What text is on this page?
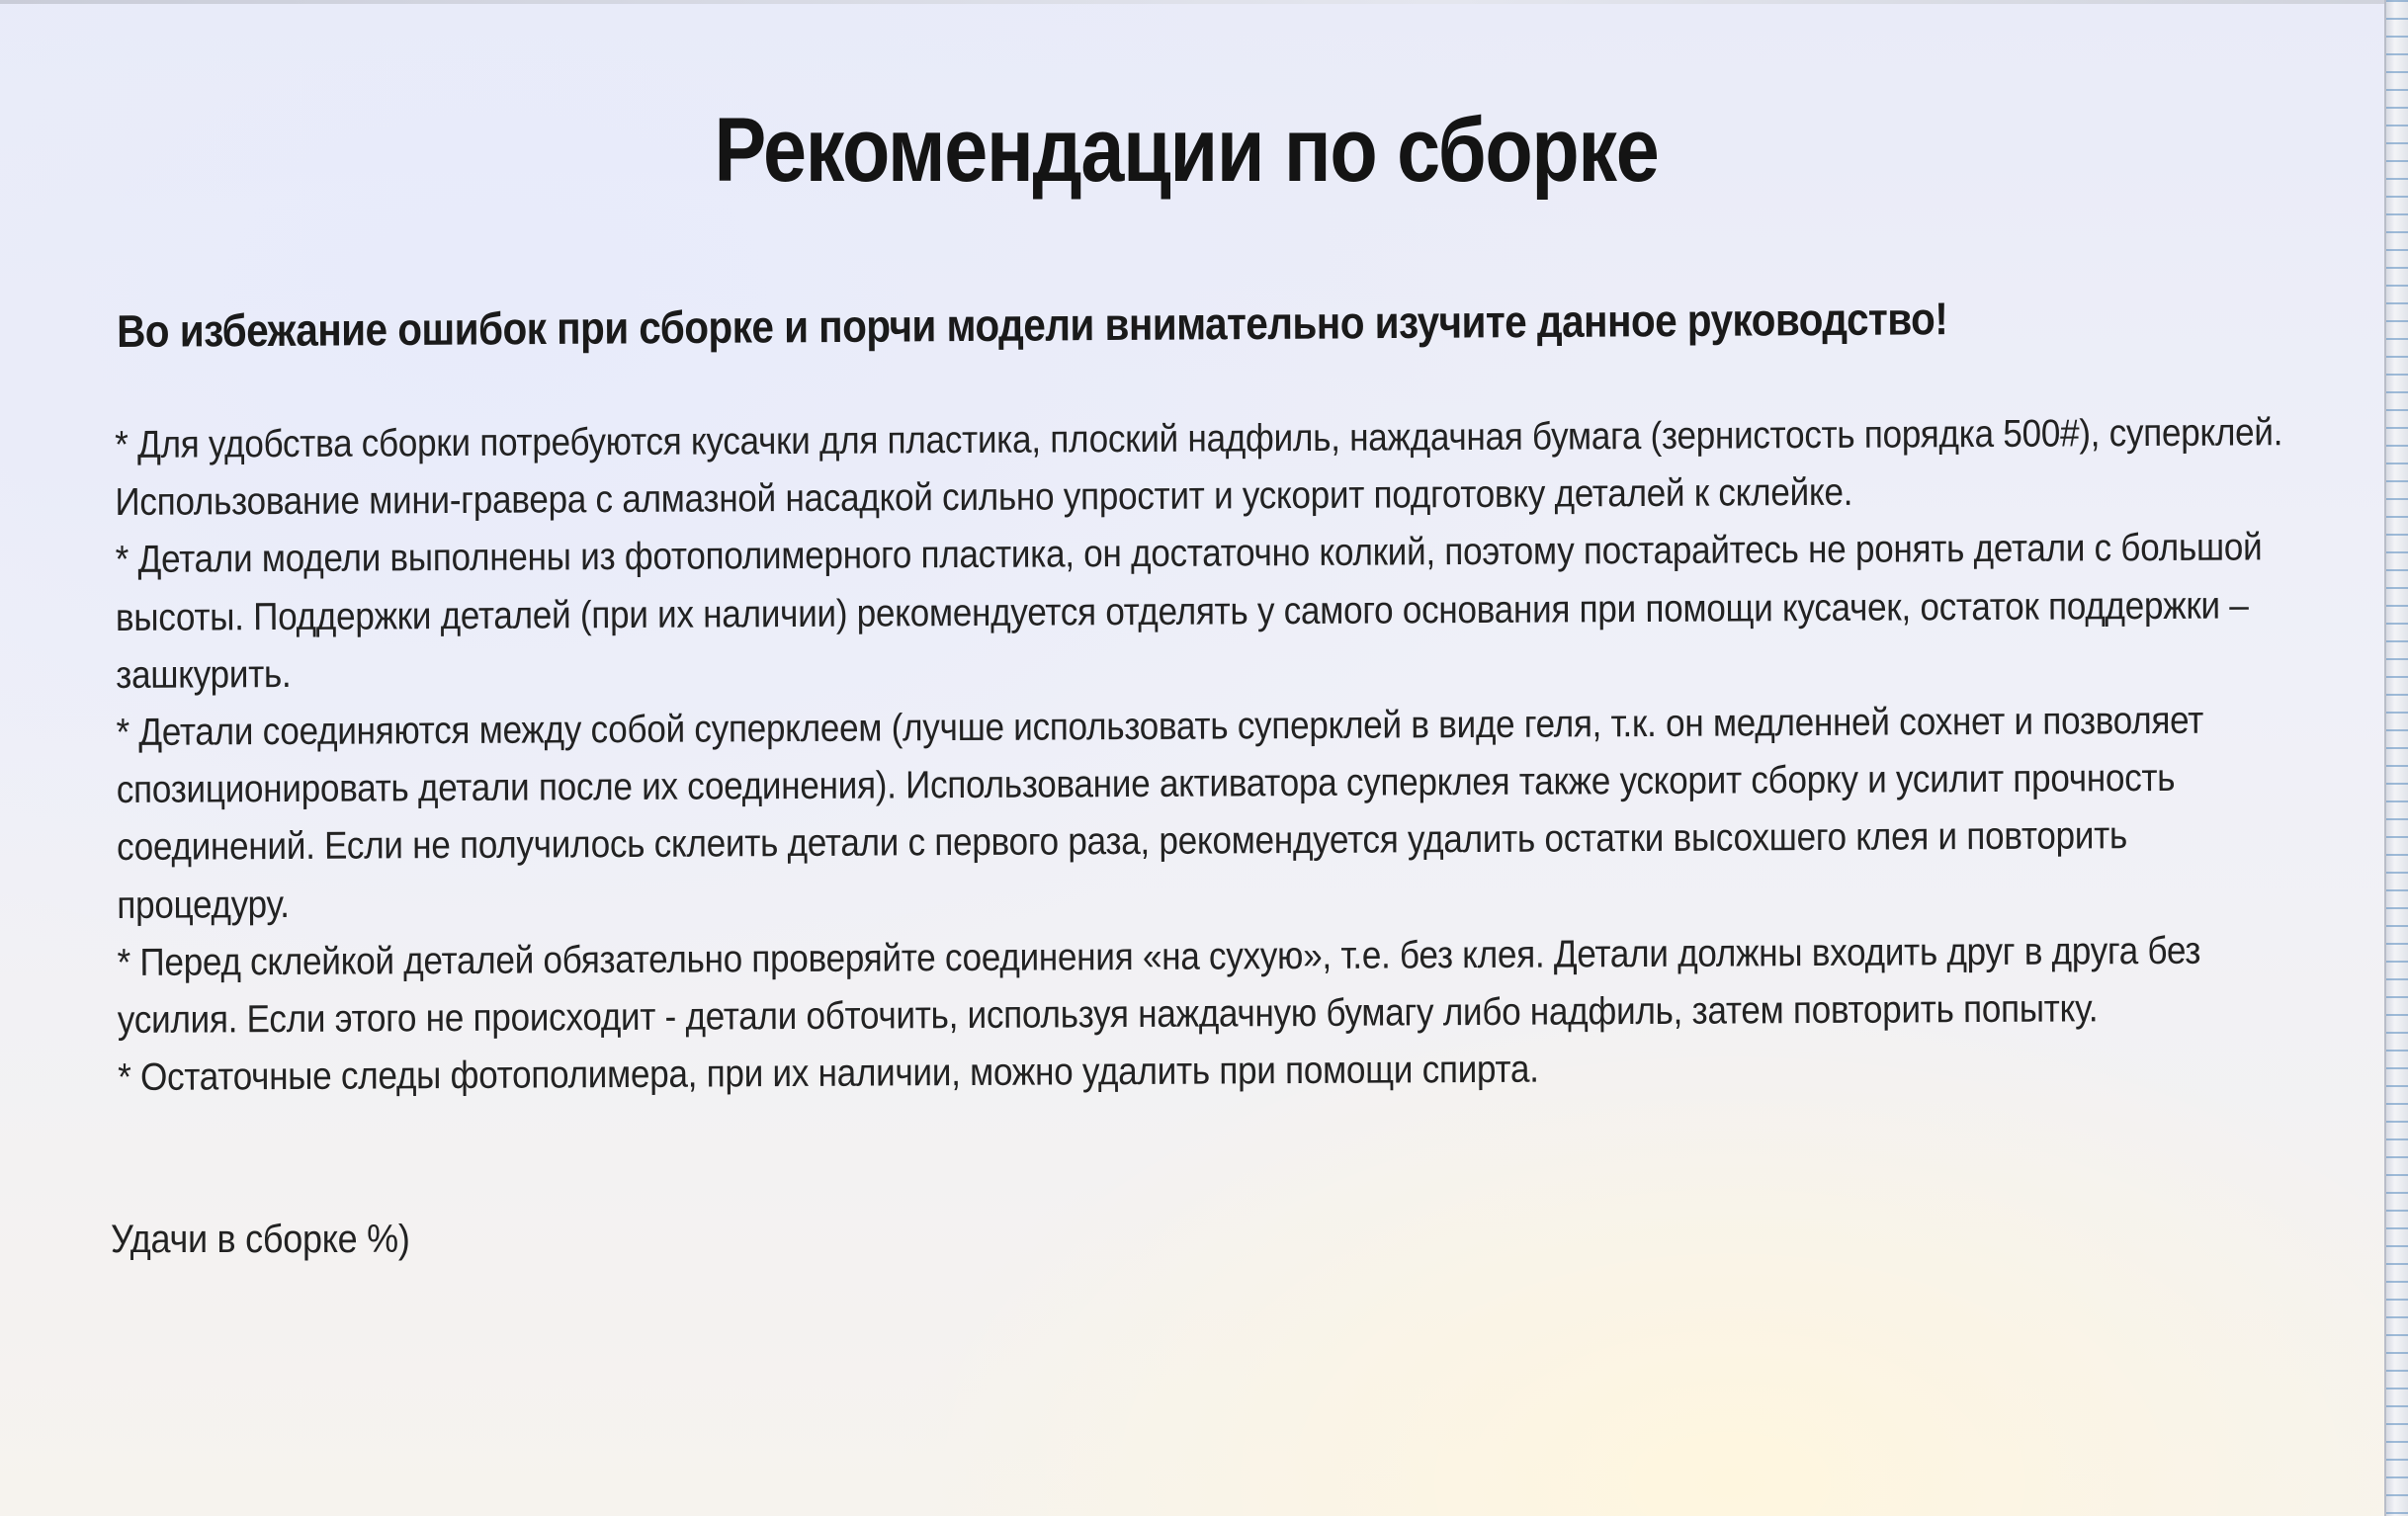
Рекомендации по сборке
Во избежание ошибок при сборке и порчи модели внимательно изучите данное руководство!

* Для удобства сборки потребуются кусачки для пластика, плоский надфиль, наждачная бумага (зернистость порядка 500#), суперклей. Использование мини-гравера с алмазной насадкой сильно упростит и ускорит подготовку деталей к склейке.

* Детали модели выполнены из фотополимерного пластика, он достаточно колкий, поэтому постарайтесь не ронять детали с большой высоты. Поддержки деталей (при их наличии) рекомендуется отделять у самого основания при помощи кусачек, остаток поддержки – зашкурить.

* Детали соединяются между собой суперклеем (лучше использовать суперклей в виде геля, т.к. он медленней сохнет и позволяет спозиционировать детали после их соединения). Использование активатора суперклея также ускорит сборку и усилит прочность соединений. Если не получилось склеить детали с первого раза, рекомендуется удалить остатки высохшего клея и повторить процедуру.

* Перед склейкой деталей обязательно проверяйте соединения «на сухую», т.е. без клея. Детали должны входить друг в друга без усилия. Если этого не происходит - детали обточить, используя наждачную бумагу либо надфиль, затем повторить попытку.

* Остаточные следы фотополимера, при их наличии, можно удалить при помощи спирта.

Удачи в сборке %)
